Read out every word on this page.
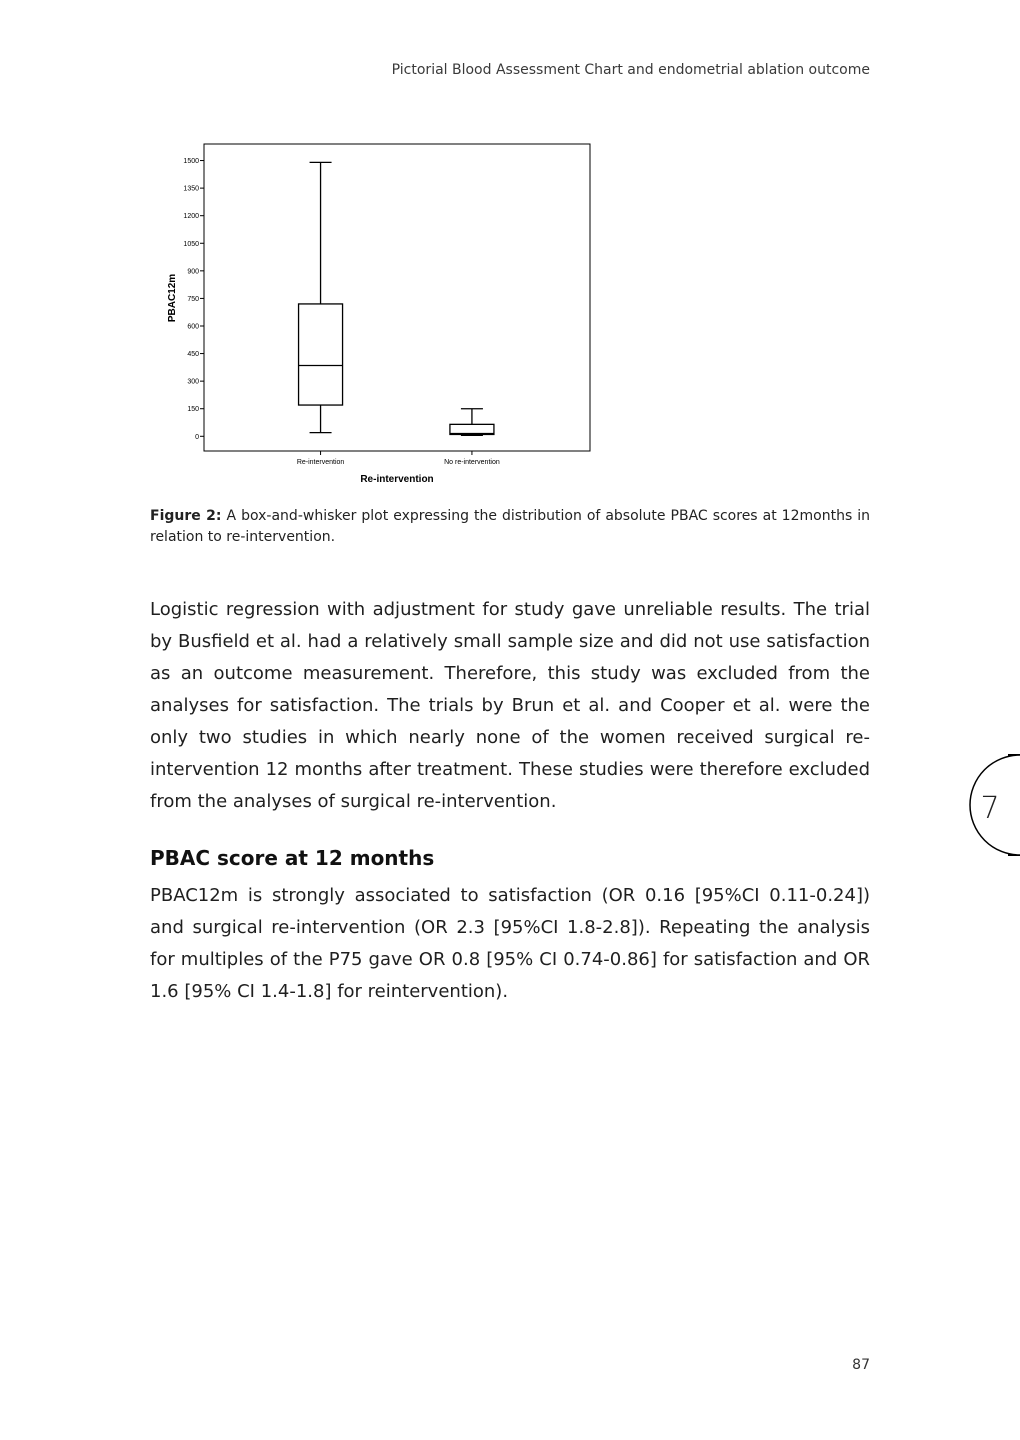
Pictorial Blood Assessment Chart and endometrial ablation outcome
0
150
300
450
600
750
900
1050
1200
1350
1500
Re-intervention	No re-intervention
PBAC12m
Re-intervention
Figure 2: A box-and-whisker plot expressing the distribution of absolute PBAC scores at 12months in relation to re-intervention.

Logistic regression with adjustment for study gave unreliable results. The trial by Busfield et al. had a relatively small sample size and did not use satisfaction as an outcome measurement. Therefore, this study was excluded from the analyses for satisfaction. The trials by Brun et al. and Cooper et al. were the only two studies in which nearly none of the women received surgical re-intervention 12 months after treatment. These studies were therefore excluded from the analyses of surgical re-intervention.

PBAC score at 12 months

PBAC12m is strongly associated to satisfaction (OR 0.16 [95%CI 0.11-0.24]) and surgical re-intervention (OR 2.3 [95%CI 1.8-2.8]). Repeating the analysis for multiples of the P75 gave OR 0.8 [95% CI 0.74-0.86] for satisfaction and OR 1.6 [95% CI 1.4-1.8] for reintervention).

7
87
